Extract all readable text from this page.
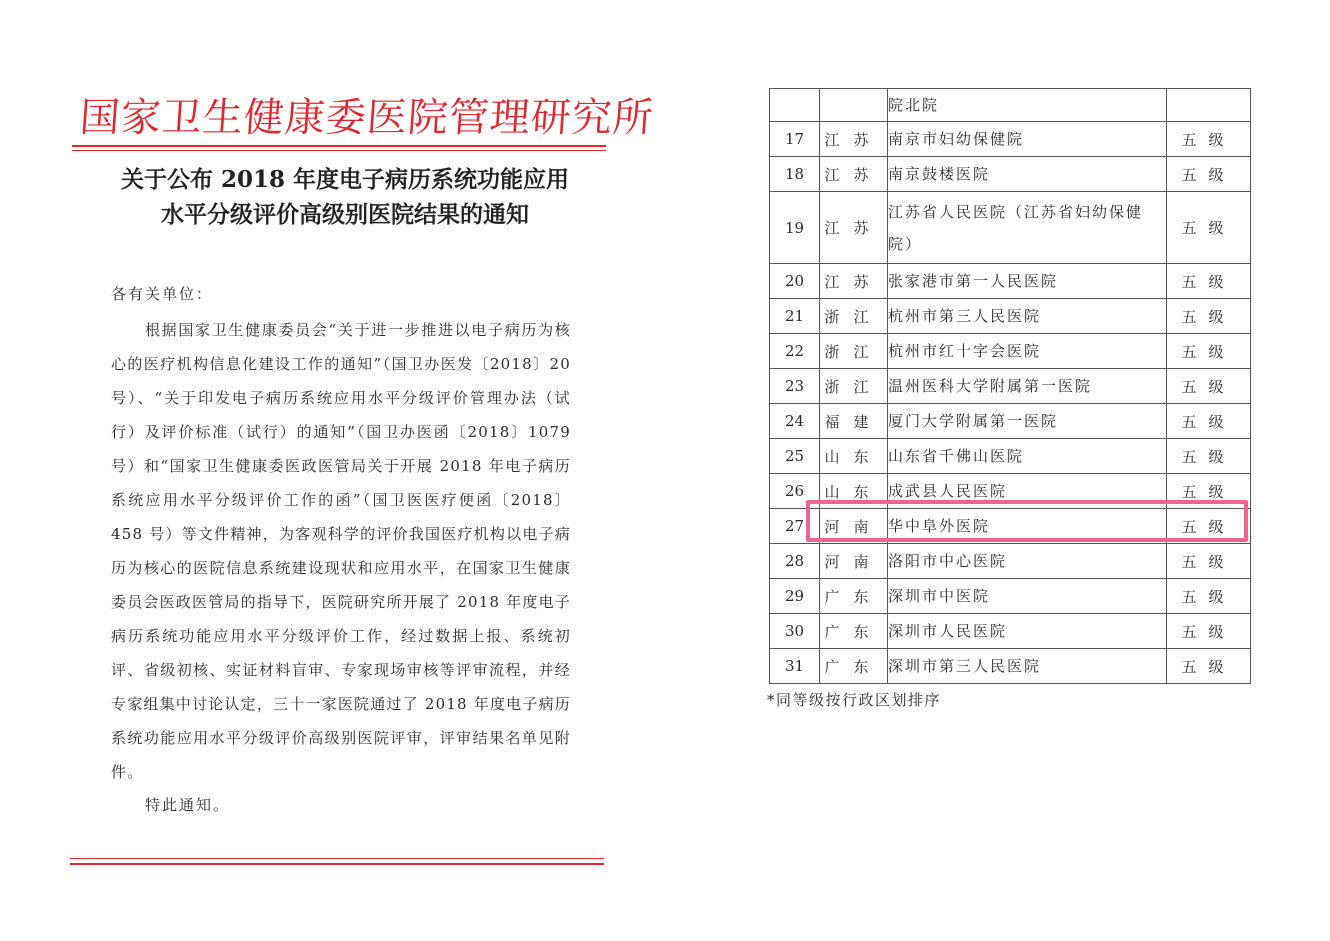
国家卫生健康委医院管理研究所
关于公布 2018 年度电子病历系统功能应用
水平分级评价高级别医院结果的通知
各有关单位：

根据国家卫生健康委员会“关于进一步推进以电子病历为核心的医疗机构信息化建设工作的通知”（国卫办医发〔2018〕20 号）、“关于印发电子病历系统应用水平分级评价管理办法（试行）及评价标准（试行）的通知”（国卫办医函〔2018〕1079 号）和“国家卫生健康委医政医管局关于开展 2018 年电子病历系统应用水平分级评价工作的函”（国卫医医疗便函〔2018〕458 号）等文件精神，为客观科学的评价我国医疗机构以电子病历为核心的医院信息系统建设现状和应用水平，在国家卫生健康委员会医政医管局的指导下，医院研究所开展了 2018 年度电子病历系统功能应用水平分级评价工作，经过数据上报、系统初评、省级初核、实证材料盲审、专家现场审核等评审流程，并经专家组集中讨论认定，三十一家医院通过了 2018 年度电子病历系统功能应用水平分级评价高级别医院评审，评审结果名单见附件。

特此通知。
		院北院	
17	江苏	南京市妇幼保健院	五级
18	江苏	南京鼓楼医院	五级
19	江苏	江苏省人民医院（江苏省妇幼保健院）	五级
20	江苏	张家港市第一人民医院	五级
21	浙江	杭州市第三人民医院	五级
22	浙江	杭州市红十字会医院	五级
23	浙江	温州医科大学附属第一医院	五级
24	福建	厦门大学附属第一医院	五级
25	山东	山东省千佛山医院	五级
26	山东	成武县人民医院	五级
27	河南	华中阜外医院	五级
28	河南	洛阳市中心医院	五级
29	广东	深圳市中医院	五级
30	广东	深圳市人民医院	五级
31	广东	深圳市第三人民医院	五级
*同等级按行政区划排序
